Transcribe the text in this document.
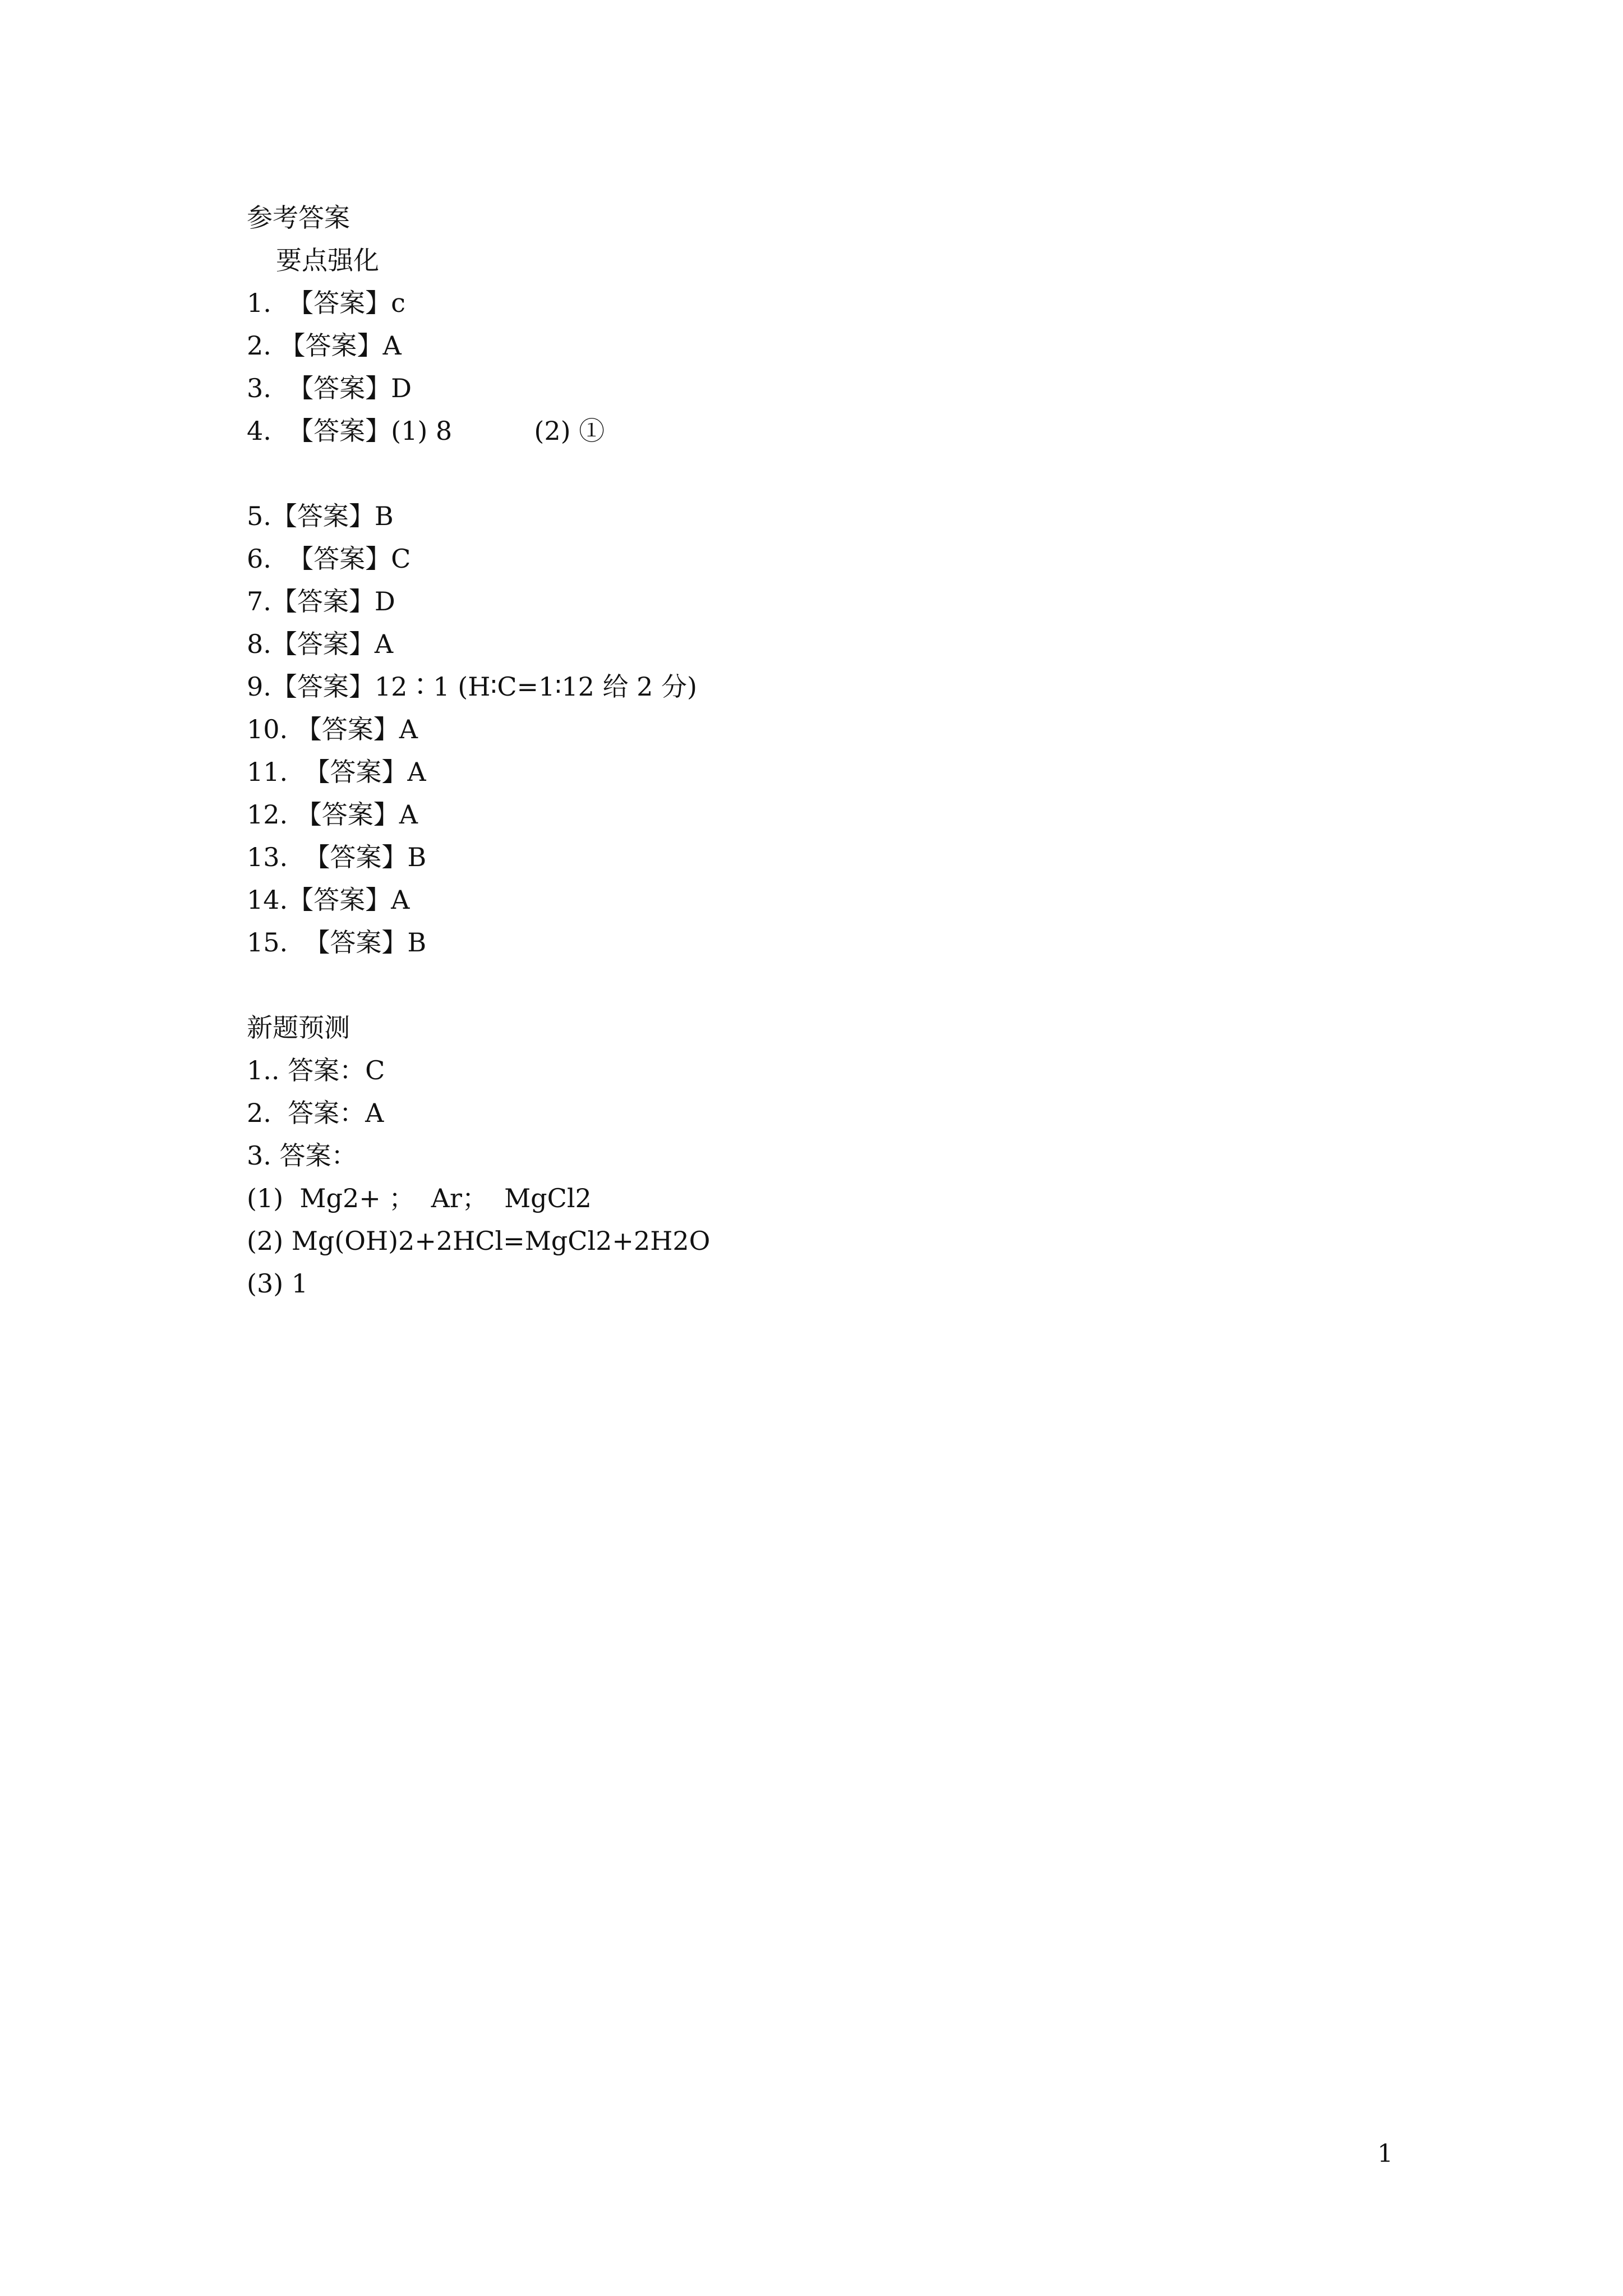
参考答案
要点强化
1.  【答案】c
2. 【答案】A
3.  【答案】D
4.  【答案】(1) 8          (2) ①
5.【答案】B
6.  【答案】C
7.【答案】D
8.【答案】A
9.【答案】12∶1 (H∶C=1∶12 给 2 分)
10. 【答案】A
11.  【答案】A
12. 【答案】A
13.  【答案】B
14.【答案】A
15.  【答案】B
新题预测
1.. 答案：C
2.  答案：A
3. 答案：
(1)  Mg2+ ；  Ar；  MgCl2
(2) Mg(OH)2+2HCl=MgCl2+2H2O
(3) 1
1
